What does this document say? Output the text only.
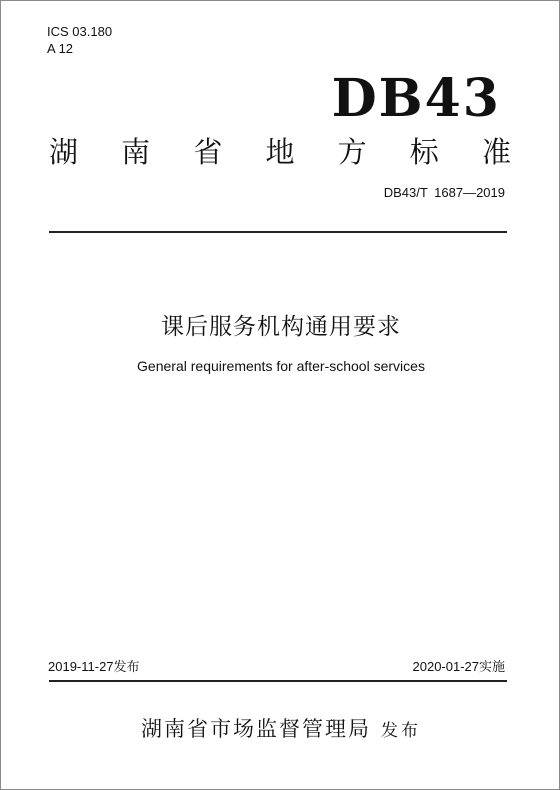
ICS 03.180
A 12
DB43
湖 南 省 地 方 标 准
DB43/T 1687—2019
课后服务机构通用要求
General requirements for after-school services
2019-11-27发布	2020-01-27实施
湖南省市场监督管理局 发布
